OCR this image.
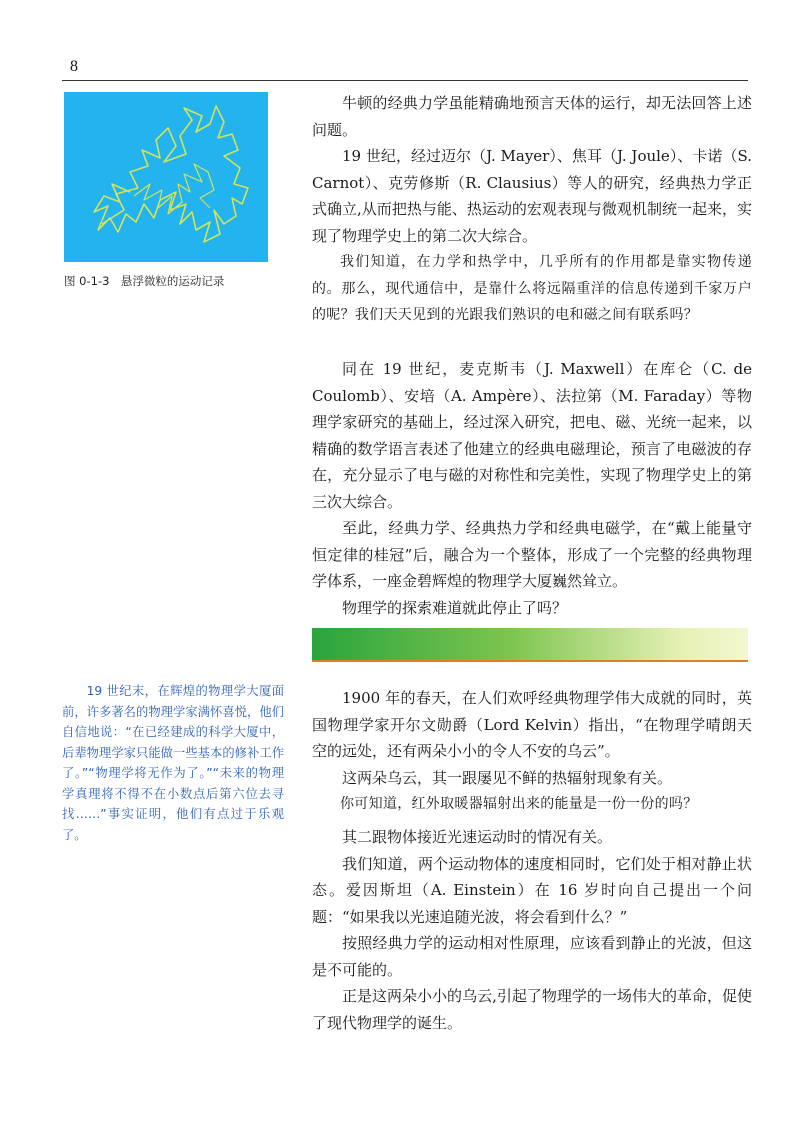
8
图 0-1-3　悬浮微粒的运动记录

牛顿的经典力学虽能精确地预言天体的运行，却无法回答上述问题。

19 世纪，经过迈尔（J. Mayer）、焦耳（J. Joule）、卡诺（S. Carnot）、克劳修斯（R. Clausius）等人的研究，经典热力学正式确立,从而把热与能、热运动的宏观表现与微观机制统一起来，实现了物理学史上的第二次大综合。

我们知道，在力学和热学中，几乎所有的作用都是靠实物传递的。那么，现代通信中，是靠什么将远隔重洋的信息传递到千家万户的呢？我们天天见到的光跟我们熟识的电和磁之间有联系吗？

同在 19 世纪，麦克斯韦（J. Maxwell）在库仑（C. de Coulomb）、安培（A. Ampère）、法拉第（M. Faraday）等物理学家研究的基础上，经过深入研究，把电、磁、光统一起来，以精确的数学语言表述了他建立的经典电磁理论，预言了电磁波的存在，充分显示了电与磁的对称性和完美性，实现了物理学史上的第三次大综合。

至此，经典力学、经典热力学和经典电磁学，在“戴上能量守恒定律的桂冠”后，融合为一个整体，形成了一个完整的经典物理学体系，一座金碧辉煌的物理学大厦巍然耸立。

物理学的探索难道就此停止了吗？

19 世纪末，在辉煌的物理学大厦面前，许多著名的物理学家满怀喜悦，他们自信地说：“在已经建成的科学大厦中，后辈物理学家只能做一些基本的修补工作了。”“物理学将无作为了。”“未来的物理学真理将不得不在小数点后第六位去寻找……”事实证明，他们有点过于乐观了。

1900 年的春天，在人们欢呼经典物理学伟大成就的同时，英国物理学家开尔文勋爵（Lord Kelvin）指出，“在物理学晴朗天空的远处，还有两朵小小的令人不安的乌云”。

这两朵乌云，其一跟屡见不鲜的热辐射现象有关。

你可知道，红外取暖器辐射出来的能量是一份一份的吗？

其二跟物体接近光速运动时的情况有关。

我们知道，两个运动物体的速度相同时，它们处于相对静止状态。爱因斯坦（A. Einstein）在 16 岁时向自己提出一个问题：“如果我以光速追随光波，将会看到什么？”

按照经典力学的运动相对性原理，应该看到静止的光波，但这是不可能的。

正是这两朵小小的乌云,引起了物理学的一场伟大的革命，促使了现代物理学的诞生。
